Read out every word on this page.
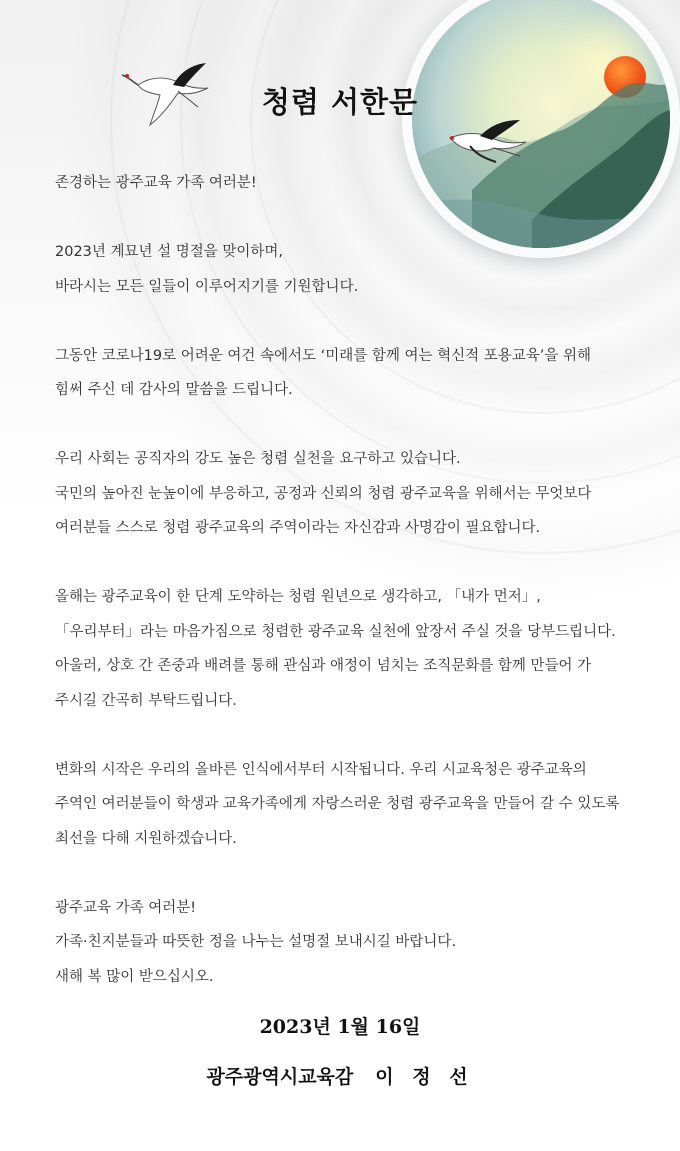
청렴 서한문

존경하는 광주교육 가족 여러분!

2023년 계묘년 설 명절을 맞이하며,
바라시는 모든 일들이 이루어지기를 기원합니다.

그동안 코로나19로 어려운 여건 속에서도 ‘미래를 함께 여는 혁신적 포용교육’을 위해
힘써 주신 데 감사의 말씀을 드립니다.

우리 사회는 공직자의 강도 높은 청렴 실천을 요구하고 있습니다.
국민의 높아진 눈높이에 부응하고, 공정과 신뢰의 청렴 광주교육을 위해서는 무엇보다
여러분들 스스로 청렴 광주교육의 주역이라는 자신감과 사명감이 필요합니다.

올해는 광주교육이 한 단계 도약하는 청렴 원년으로 생각하고, 「내가 먼저」,
「우리부터」라는 마음가짐으로 청렴한 광주교육 실천에 앞장서 주실 것을 당부드립니다.
아울러, 상호 간 존중과 배려를 통해 관심과 애정이 넘치는 조직문화를 함께 만들어 가
주시길 간곡히 부탁드립니다.

변화의 시작은 우리의 올바른 인식에서부터 시작됩니다. 우리 시교육청은 광주교육의
주역인 여러분들이 학생과 교육가족에게 자랑스러운 청렴 광주교육을 만들어 갈 수 있도록
최선을 다해 지원하겠습니다.

광주교육 가족 여러분!
가족·친지분들과 따뜻한 정을 나누는 설명절 보내시길 바랍니다.
새해 복 많이 받으십시오.

2023년 1월 16일
광주광역시교육감 이 정 선
